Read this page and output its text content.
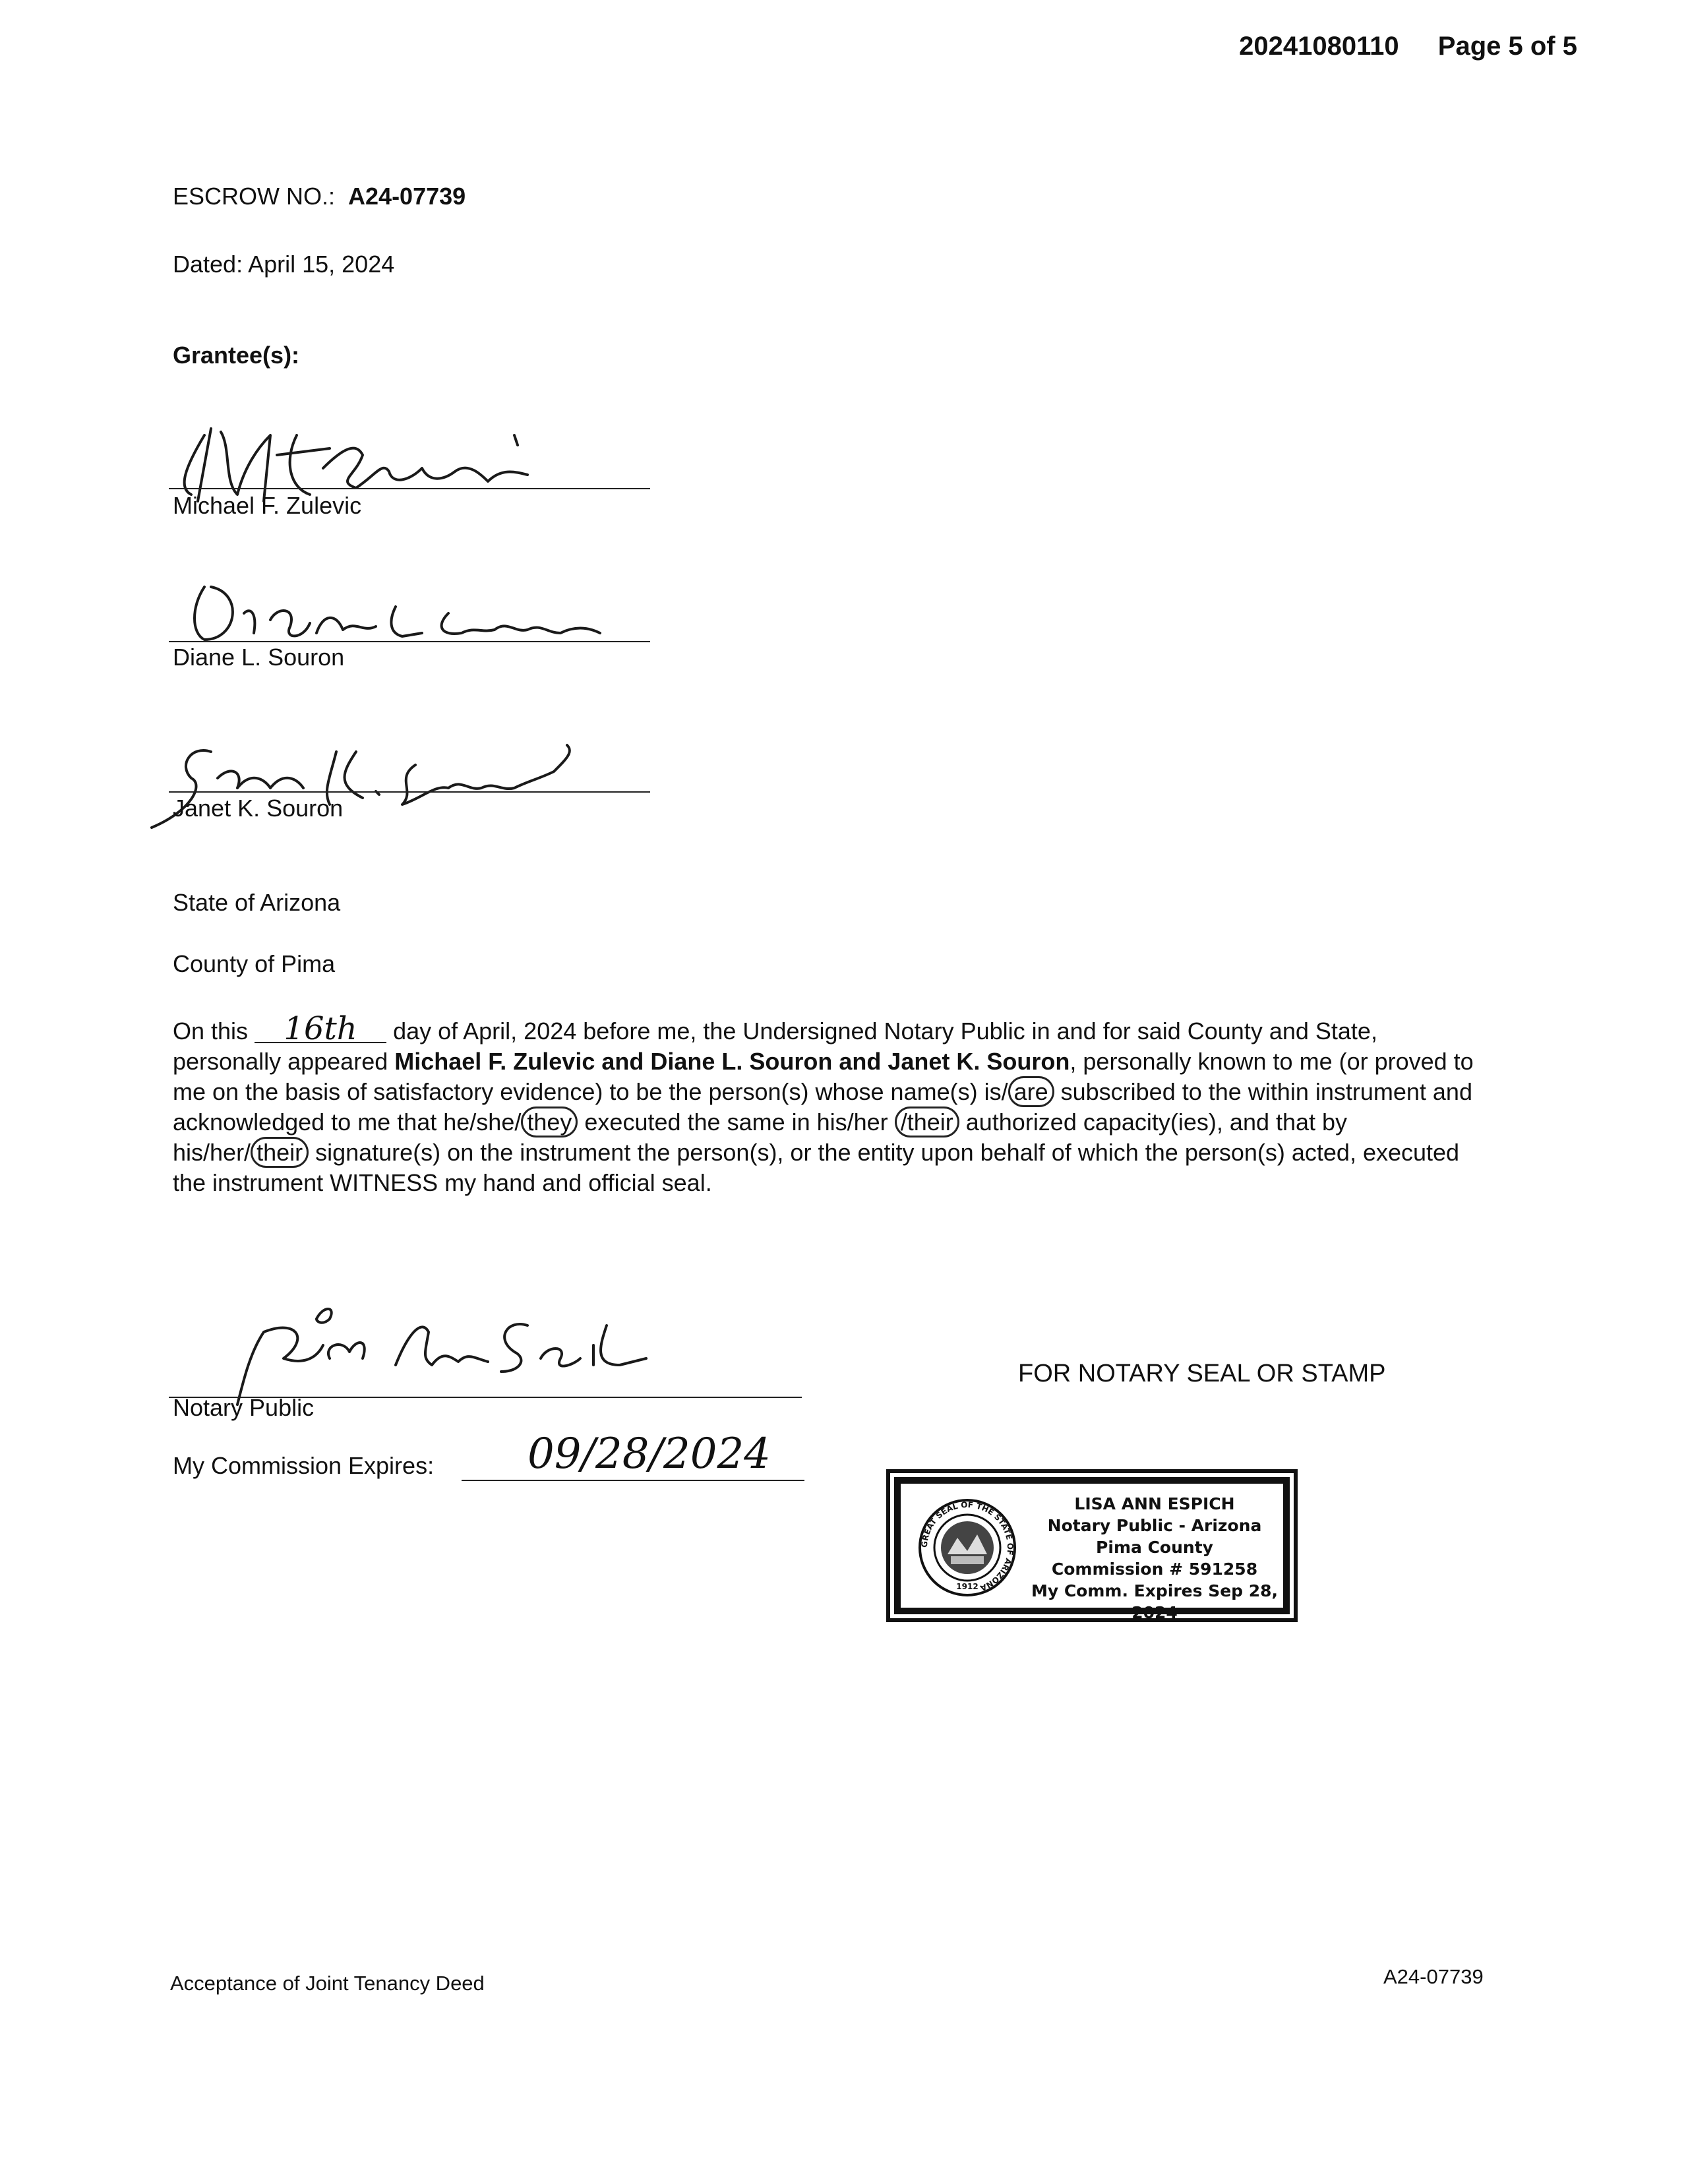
20241080110 Page 5 of 5
ESCROW NO.: A24-07739
Dated: April 15, 2024
Grantee(s):
Michael F. Zulevic
Diane L. Souron
Janet K. Souron
State of Arizona
County of Pima
On this 16th day of April, 2024 before me, the Undersigned Notary Public in and for said County and State, personally appeared Michael F. Zulevic and Diane L. Souron and Janet K. Souron, personally known to me (or proved to me on the basis of satisfactory evidence) to be the person(s) whose name(s) is/ are subscribed to the within instrument and acknowledged to me that he/she/ they executed the same in his/her /their authorized capacity(ies), and that by his/her/ their signature(s) on the instrument the person(s), or the entity upon behalf of which the person(s) acted, executed the instrument WITNESS my hand and official seal.
Notary Public
My Commission Expires: 09/28/2024
FOR NOTARY SEAL OR STAMP
GREAT SEAL OF THE STATE OF ARIZONA
1912
LISA ANN ESPICH
Notary Public - Arizona
Pima County
Commission # 591258
My Comm. Expires Sep 28, 2024
Acceptance of Joint Tenancy Deed	A24-07739
